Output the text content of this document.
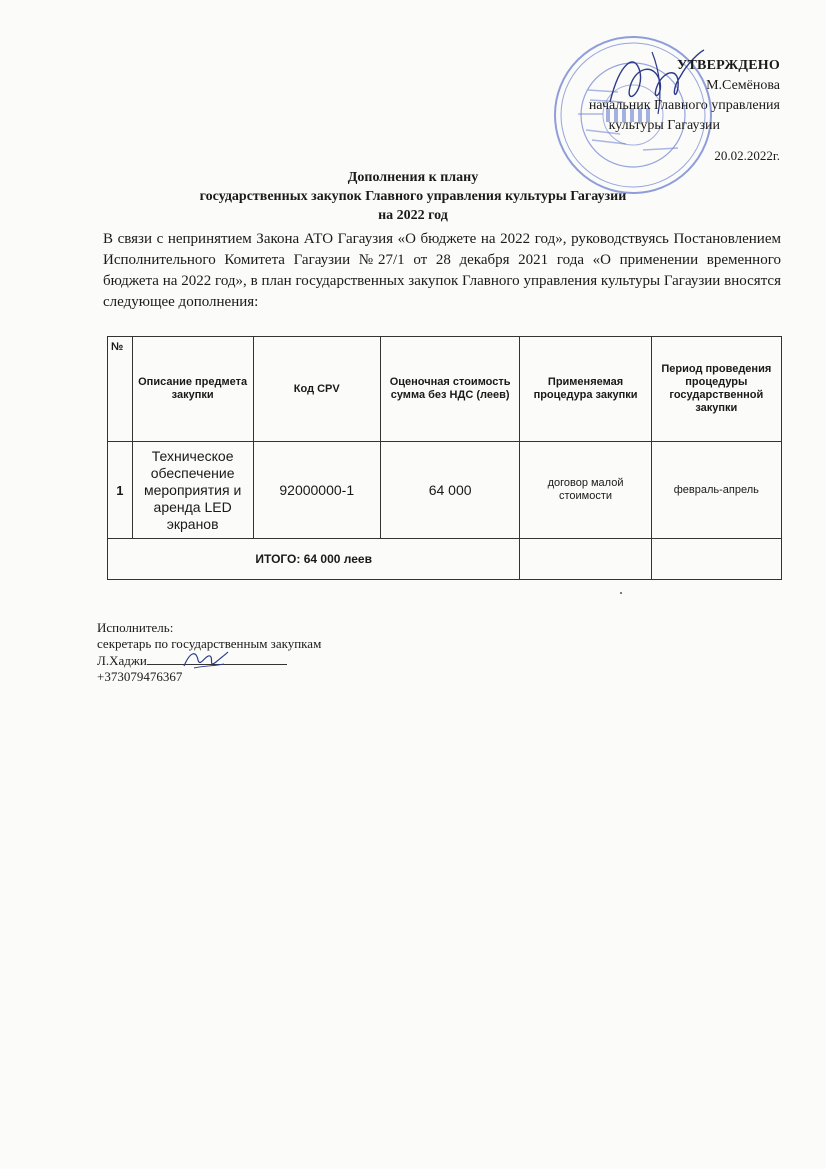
УТВЕРЖДЕНО
М.Семёнова
начальник Главного управления
культуры Гагаузии
20.02.2022г.
Дополнения к плану
государственных закупок Главного управления культуры Гагаузии
на 2022 год
В связи с непринятием Закона АТО Гагаузия «О бюджете на 2022 год», руководствуясь Постановлением Исполнительного Комитета Гагаузии №27/1 от 28 декабря 2021 года «О применении временного бюджета на 2022 год», в план государственных закупок Главного управления культуры Гагаузии вносятся следующее дополнения:
№	Описание предмета закупки	Код CPV	Оценочная стоимость сумма без НДС (леев)	Применяемая процедура закупки	Период проведения процедуры государственной закупки
1	Техническое обеспечение мероприятия и аренда LED экранов	92000000-1	64 000	договор малой стоимости	февраль-апрель
ИТОГО: 64 000 леев					
Исполнитель:
секретарь по государственным закупкам
Л.Хаджи
+373079476367
